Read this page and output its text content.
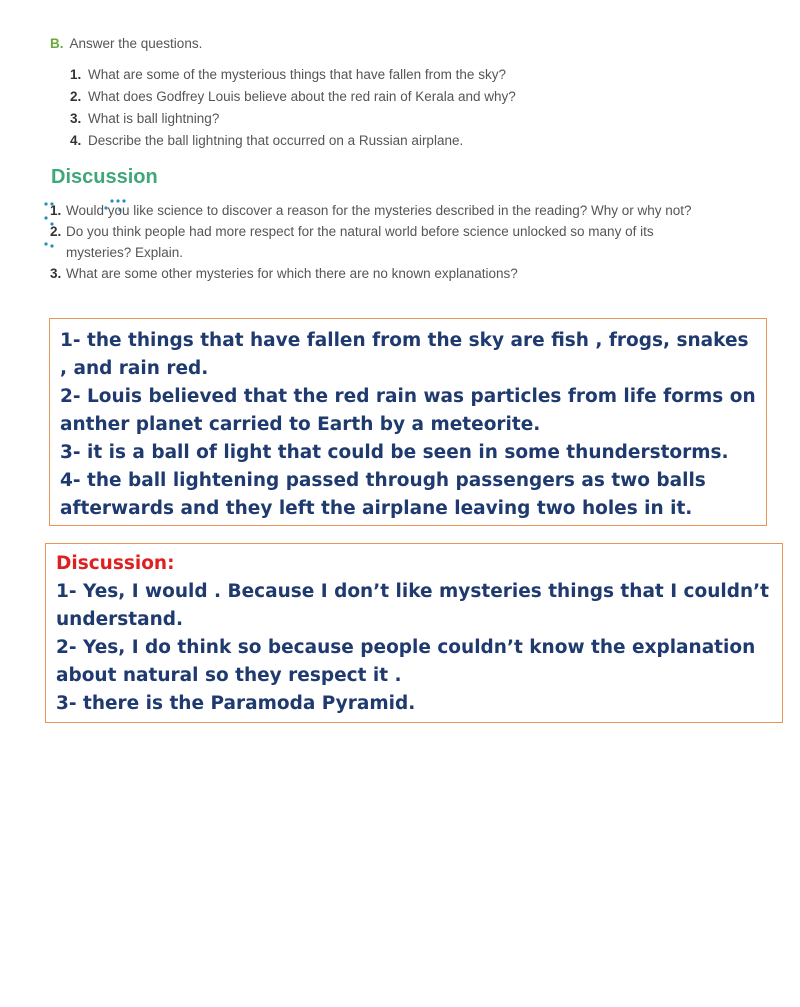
B. Answer the questions.
1. What are some of the mysterious things that have fallen from the sky?
2. What does Godfrey Louis believe about the red rain of Kerala and why?
3. What is ball lightning?
4. Describe the ball lightning that occurred on a Russian airplane.
Discussion
1. Would you like science to discover a reason for the mysteries described in the reading? Why or why not?
2. Do you think people had more respect for the natural world before science unlocked so many of its
mysteries? Explain.
3. What are some other mysteries for which there are no known explanations?

1- the things that have fallen from the sky are fish , frogs, snakes , and rain red.

2- Louis believed that the red rain was particles from life forms on anther planet carried to Earth by a meteorite.

3- it is a ball of light that could be seen in some thunderstorms.

4- the ball lightening passed through passengers as two balls afterwards and they left the airplane leaving two holes in it.

Discussion:

1- Yes, I would . Because I don’t like mysteries things that I couldn’t understand.

2- Yes, I do think so because people couldn’t know the explanation about natural so they respect it .

3- there is the Paramoda Pyramid.
